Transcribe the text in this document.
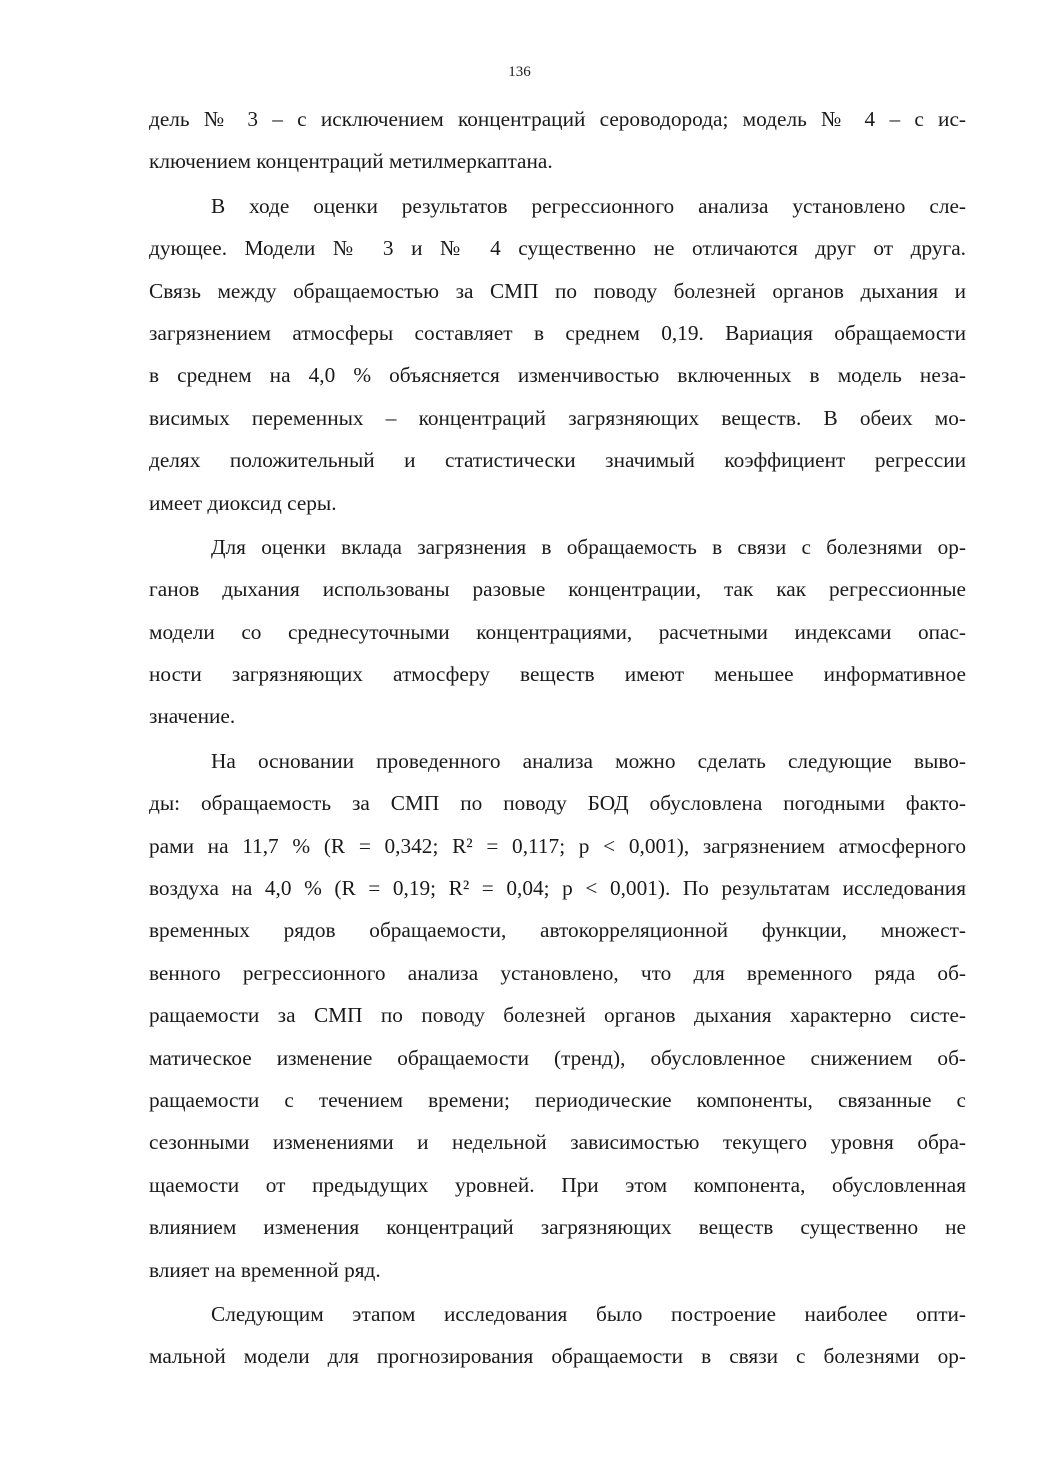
136
дель № 3 – с исключением концентраций сероводорода; модель № 4 – с ис-
ключением концентраций метилмеркаптана.
В ходе оценки результатов регрессионного анализа установлено сле-
дующее. Модели № 3 и № 4 существенно не отличаются друг от друга.
Связь между обращаемостью за СМП по поводу болезней органов дыхания и
загрязнением атмосферы составляет в среднем 0,19. Вариация обращаемости
в среднем на 4,0 % объясняется изменчивостью включенных в модель неза-
висимых переменных – концентраций загрязняющих веществ. В обеих мо-
делях положительный и статистически значимый коэффициент регрессии
имеет диоксид серы.
Для оценки вклада загрязнения в обращаемость в связи с болезнями ор-
ганов дыхания использованы разовые концентрации, так как регрессионные
модели со среднесуточными концентрациями, расчетными индексами опас-
ности загрязняющих атмосферу веществ имеют меньшее информативное
значение.
На основании проведенного анализа можно сделать следующие выво-
ды: обращаемость за СМП по поводу БОД обусловлена погодными факто-
рами на 11,7 % (R = 0,342; R² = 0,117; p < 0,001), загрязнением атмосферного
воздуха на 4,0 % (R = 0,19; R² = 0,04; p < 0,001). По результатам исследования
временных рядов обращаемости, автокорреляционной функции, множест-
венного регрессионного анализа установлено, что для временного ряда об-
ращаемости за СМП по поводу болезней органов дыхания характерно систе-
матическое изменение обращаемости (тренд), обусловленное снижением об-
ращаемости с течением времени; периодические компоненты, связанные с
сезонными изменениями и недельной зависимостью текущего уровня обра-
щаемости от предыдущих уровней. При этом компонента, обусловленная
влиянием изменения концентраций загрязняющих веществ существенно не
влияет на временной ряд.
Следующим этапом исследования было построение наиболее опти-
мальной модели для прогнозирования обращаемости в связи с болезнями ор-
